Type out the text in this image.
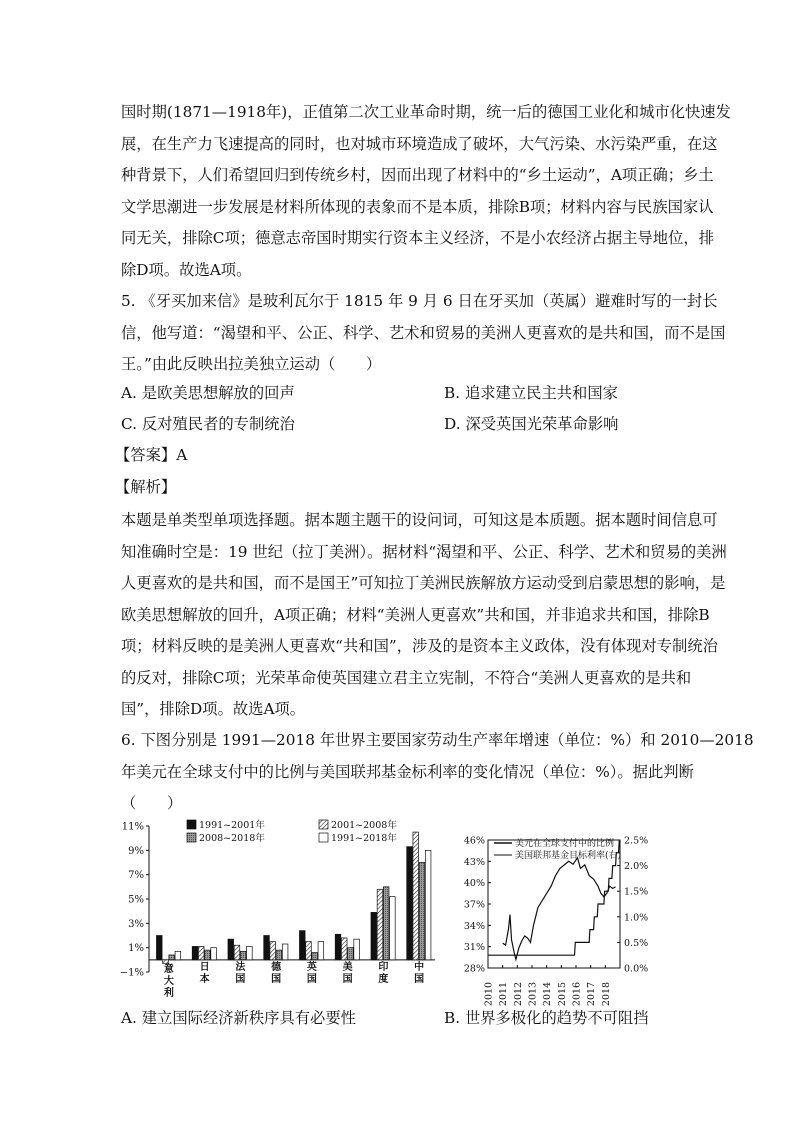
国时期(1871—1918年)，正值第二次工业革命时期，统一后的德国工业化和城市化快速发
展，在生产力飞速提高的同时，也对城市环境造成了破坏，大气污染、水污染严重，在这
种背景下，人们希望回归到传统乡村，因而出现了材料中的“乡土运动”，A项正确；乡土
文学思潮进一步发展是材料所体现的表象而不是本质，排除B项；材料内容与民族国家认
同无关，排除C项；德意志帝国时期实行资本主义经济，不是小农经济占据主导地位，排
除D项。故选A项。
5. 《牙买加来信》是玻利瓦尔于 1815 年 9 月 6 日在牙买加（英属）避难时写的一封长
信，他写道：“渴望和平、公正、科学、艺术和贸易的美洲人更喜欢的是共和国，而不是国
王。”由此反映出拉美独立运动（　　）
A. 是欧美思想解放的回声	B. 追求建立民主共和国家
C. 反对殖民者的专制统治	D. 深受英国光荣革命影响
【答案】A
【解析】
本题是单类型单项选择题。据本题主题干的设问词，可知这是本质题。据本题时间信息可
知准确时空是：19 世纪（拉丁美洲）。据材料“渴望和平、公正、科学、艺术和贸易的美洲
人更喜欢的是共和国，而不是国王”可知拉丁美洲民族解放方运动受到启蒙思想的影响，是
欧美思想解放的回升，A项正确；材料“美洲人更喜欢”共和国，并非追求共和国，排除B
项；材料反映的是美洲人更喜欢“共和国”，涉及的是资本主义政体，没有体现对专制统治
的反对，排除C项；光荣革命使英国建立君主立宪制，不符合“美洲人更喜欢的是共和
国”，排除D项。故选A项。
6. 下图分别是 1991—2018 年世界主要国家劳动生产率年增速（单位：%）和 2010—2018
年美元在全球支付中的比例与美国联邦基金标利率的变化情况（单位：%）。据此判断
（　　）
11%
9%
7%
5%
3%
1%
−1% 意
大
利
日
本
法
国
德
国
英
国
美
国
印
度
中
国
1991~2001年	2001~2008年
2008~2018年	1991~2018年	46%
43%
40%
37%
34%
31%
28%
2.5%
2.0%
1.5%
1.0%
0.5%
0.0%
2010 2011 2012 2013 2014 2015 2016 2017 2018
美元在全球支付中的比例
美国联邦基金目标利率(右)
A. 建立国际经济新秩序具有必要性	B. 世界多极化的趋势不可阻挡
